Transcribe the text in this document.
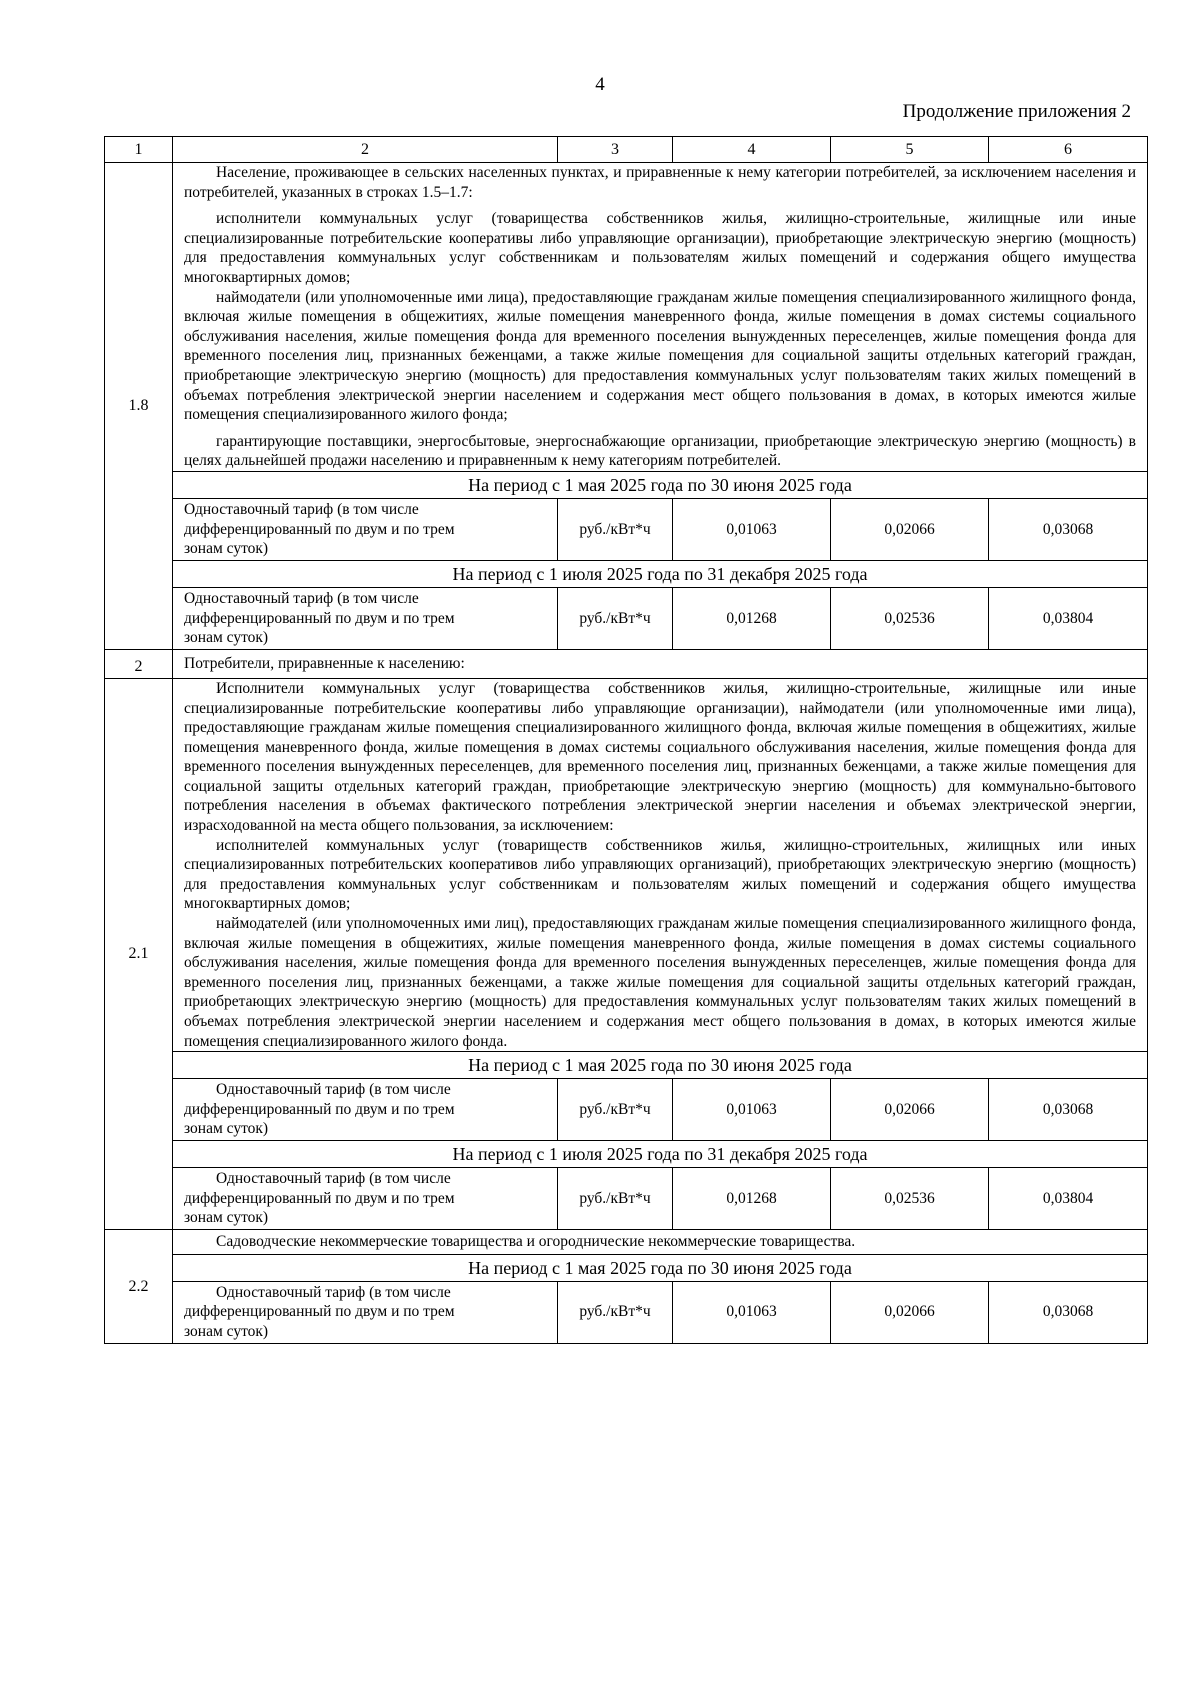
4
Продолжение приложения 2
1	2	3	4	5	6
1.8	Население, проживающее в сельских населенных пунктах, и приравненные к нему категории потребителей, за исключением населения и потребителей, указанных в строках 1.5–1.7:

исполнители коммунальных услуг (товарищества собственников жилья, жилищно-строительные, жилищные или иные специализированные потребительские кооперативы либо управляющие организации), приобретающие электрическую энергию (мощность) для предоставления коммунальных услуг собственникам и пользователям жилых помещений и содержания общего имущества многоквартирных домов;

наймодатели (или уполномоченные ими лица), предоставляющие гражданам жилые помещения специализированного жилищного фонда, включая жилые помещения в общежитиях, жилые помещения маневренного фонда, жилые помещения в домах системы социального обслуживания населения, жилые помещения фонда для временного поселения вынужденных переселенцев, жилые помещения фонда для временного поселения лиц, признанных беженцами, а также жилые помещения для социальной защиты отдельных категорий граждан, приобретающие электрическую энергию (мощность) для предоставления коммунальных услуг пользователям таких жилых помещений в объемах потребления электрической энергии населением и содержания мест общего пользования в домах, в которых имеются жилые помещения специализированного жилого фонда;

гарантирующие поставщики, энергосбытовые, энергоснабжающие организации, приобретающие электрическую энергию (мощность) в целях дальнейшей продажи населению и приравненным к нему категориям потребителей.				

	На период с 1 мая 2025 года по 30 июня 2025 года				

	Одноставочный тариф (в том числе
дифференцированный по двум и по трем
зонам суток)	руб./кВт*ч	0,01063	0,02066	0,03068
	На период с 1 июля 2025 года по 31 декабря 2025 года				

	Одноставочный тариф (в том числе
дифференцированный по двум и по трем
зонам суток)	руб./кВт*ч	0,01268	0,02536	0,03804
2	Потребители, приравненные к населению:				
2.1	Исполнители коммунальных услуг (товарищества собственников жилья, жилищно-строительные, жилищные или иные специализированные потребительские кооперативы либо управляющие организации), наймодатели (или уполномоченные ими лица), предоставляющие гражданам жилые помещения специализированного жилищного фонда, включая жилые помещения в общежитиях, жилые помещения маневренного фонда, жилые помещения в домах системы социального обслуживания населения, жилые помещения фонда для временного поселения вынужденных переселенцев, для временного поселения лиц, признанных беженцами, а также жилые помещения для социальной защиты отдельных категорий граждан, приобретающие электрическую энергию (мощность) для коммунально-бытового потребления населения в объемах фактического потребления электрической энергии населения и объемах электрической энергии, израсходованной на места общего пользования, за исключением:

исполнителей коммунальных услуг (товариществ собственников жилья, жилищно-строительных, жилищных или иных специализированных потребительских кооперативов либо управляющих организаций), приобретающих электрическую энергию (мощность) для предоставления коммунальных услуг собственникам и пользователям жилых помещений и содержания общего имущества многоквартирных домов;

наймодателей (или уполномоченных ими лиц), предоставляющих гражданам жилые помещения специализированного жилищного фонда, включая жилые помещения в общежитиях, жилые помещения маневренного фонда, жилые помещения в домах системы социального обслуживания населения, жилые помещения фонда для временного поселения вынужденных переселенцев, жилые помещения фонда для временного поселения лиц, признанных беженцами, а также жилые помещения для социальной защиты отдельных категорий граждан, приобретающих электрическую энергию (мощность) для предоставления коммунальных услуг пользователям таких жилых помещений в объемах потребления электрической энергии населением и содержания мест общего пользования в домах, в которых имеются жилые помещения специализированного жилого фонда.				

	На период с 1 мая 2025 года по 30 июня 2025 года				

	Одноставочный тариф (в том числе
дифференцированный по двум и по трем
зонам суток)	руб./кВт*ч	0,01063	0,02066	0,03068
	На период с 1 июля 2025 года по 31 декабря 2025 года				

	Одноставочный тариф (в том числе
дифференцированный по двум и по трем
зонам суток)	руб./кВт*ч	0,01268	0,02536	0,03804
2.2	Садоводческие некоммерческие товарищества и огороднические некоммерческие товарищества.				

	На период с 1 мая 2025 года по 30 июня 2025 года				

	Одноставочный тариф (в том числе
дифференцированный по двум и по трем
зонам суток)	руб./кВт*ч	0,01063	0,02066	0,03068
